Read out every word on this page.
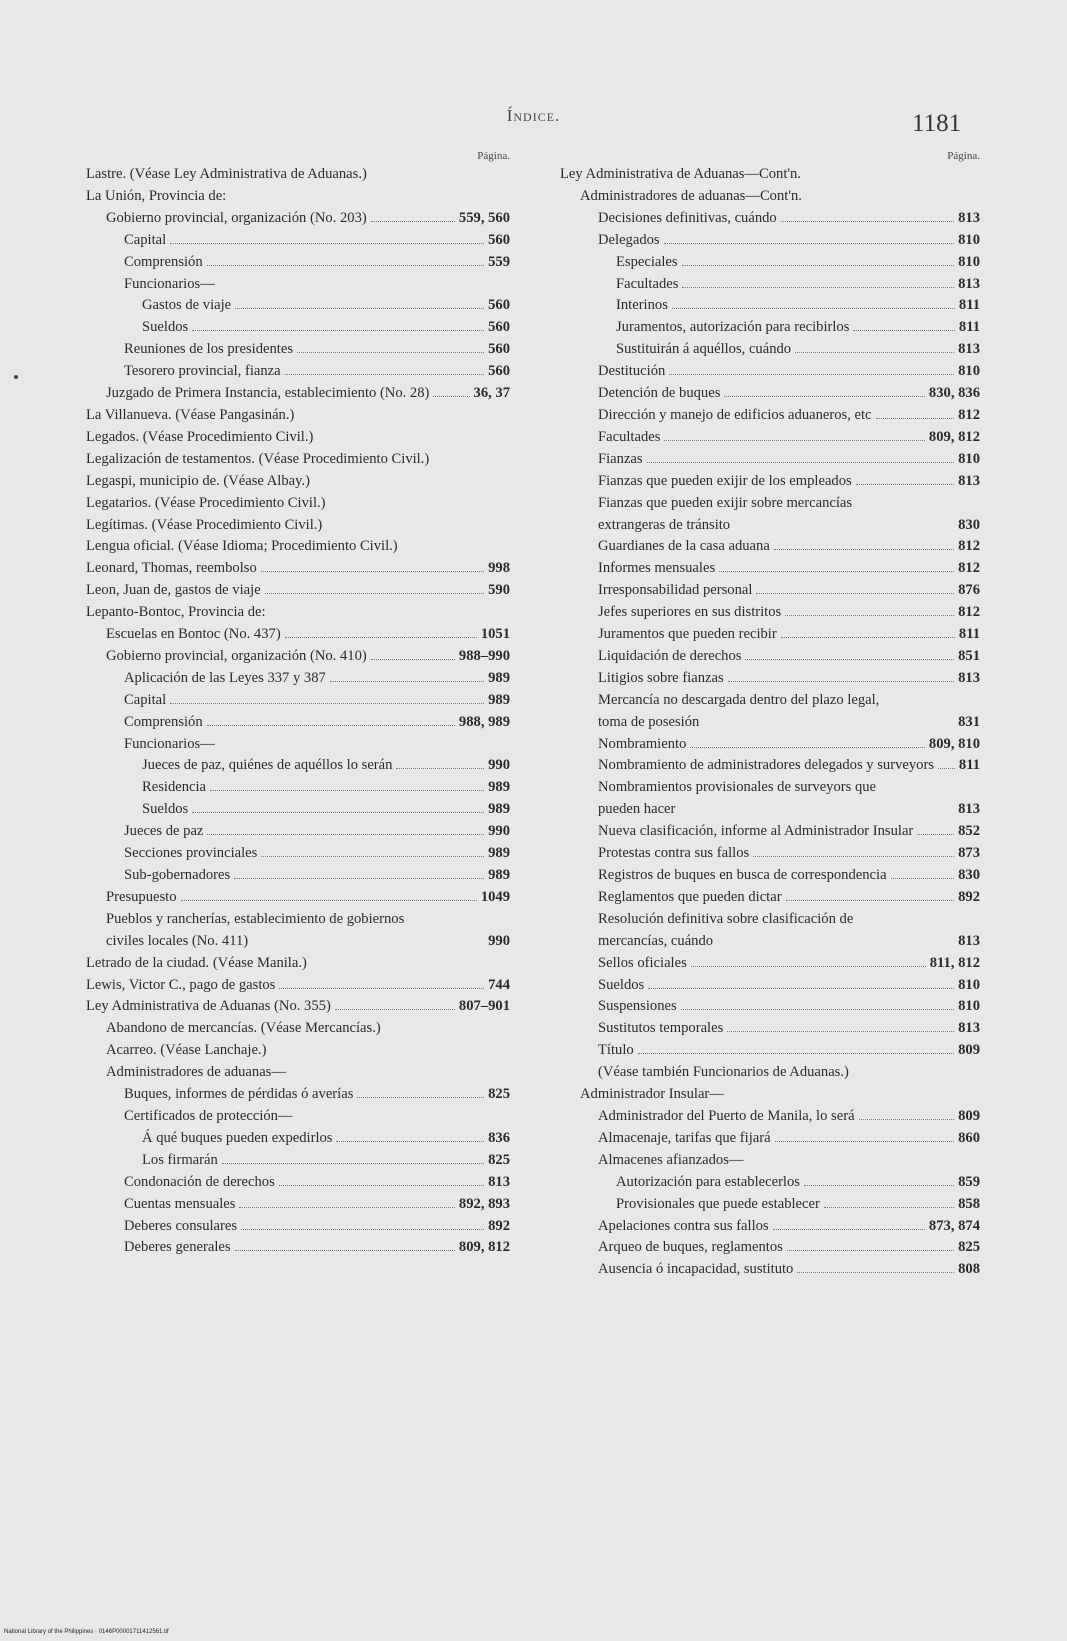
Índice.	1181
Página.
Lastre. (Véase Ley Administrativa de Aduanas.)
La Unión, Provincia de:
Gobierno provincial, organización (No. 203)	559, 560
Capital	560
Comprensión	559
Funcionarios—
Gastos de viaje	560
Sueldos	560
Reuniones de los presidentes	560
Tesorero provincial, fianza	560
Juzgado de Primera Instancia, establecimiento (No. 28)	36, 37
La Villanueva. (Véase Pangasinán.)
Legados. (Véase Procedimiento Civil.)
Legalización de testamentos. (Véase Procedimiento Civil.)
Legaspi, municipio de. (Véase Albay.)
Legatarios. (Véase Procedimiento Civil.)
Legítimas. (Véase Procedimiento Civil.)
Lengua oficial. (Véase Idioma; Procedimiento Civil.)
Leonard, Thomas, reembolso	998
Leon, Juan de, gastos de viaje	590
Lepanto-Bontoc, Provincia de:
Escuelas en Bontoc (No. 437)	1051
Gobierno provincial, organización (No. 410)	988–990
Aplicación de las Leyes 337 y 387	989
Capital	989
Comprensión	988, 989
Funcionarios—
Jueces de paz, quiénes de aquéllos lo serán	990
Residencia	989
Sueldos	989
Jueces de paz	990
Secciones provinciales	989
Sub-gobernadores	989
Presupuesto	1049
Pueblos y rancherías, establecimiento de gobiernos civiles locales (No. 411)	990
Letrado de la ciudad. (Véase Manila.)
Lewis, Victor C., pago de gastos	744
Ley Administrativa de Aduanas (No. 355)	807–901
Abandono de mercancías. (Véase Mercancías.)
Acarreo. (Véase Lanchaje.)
Administradores de aduanas—
Buques, informes de pérdidas ó averías	825
Certificados de protección—
Á qué buques pueden expedirlos	836
Los firmarán	825
Condonación de derechos	813
Cuentas mensuales	892, 893
Deberes consulares	892
Deberes generales	809, 812
Página.
Ley Administrativa de Aduanas—Cont'n.
Administradores de aduanas—Cont'n.
Decisiones definitivas, cuándo	813
Delegados	810
Especiales	810
Facultades	813
Interinos	811
Juramentos, autorización para recibirlos	811
Sustituirán á aquéllos, cuándo	813
Destitución	810
Detención de buques	830, 836
Dirección y manejo de edificios aduaneros, etc	812
Facultades	809, 812
Fianzas	810
Fianzas que pueden exijir de los empleados	813
Fianzas que pueden exijir sobre mercancías extrangeras de tránsito	830
Guardianes de la casa aduana	812
Informes mensuales	812
Irresponsabilidad personal	876
Jefes superiores en sus distritos	812
Juramentos que pueden recibir	811
Liquidación de derechos	851
Litigios sobre fianzas	813
Mercancía no descargada dentro del plazo legal, toma de posesión	831
Nombramiento	809, 810
Nombramiento de administradores delegados y surveyors 811
Nombramientos provisionales de surveyors que pueden hacer	813
Nueva clasificación, informe al Administrador Insular	852
Protestas contra sus fallos	873
Registros de buques en busca de correspondencia	830
Reglamentos que pueden dictar	892
Resolución definitiva sobre clasificación de mercancías, cuándo	813
Sellos oficiales	811, 812
Sueldos	810
Suspensiones	810
Sustitutos temporales	813
Título	809
(Véase también Funcionarios de Aduanas.)
Administrador Insular—
Administrador del Puerto de Manila, lo será	809
Almacenaje, tarifas que fijará	860
Almacenes afianzados—
Autorización para establecerlos	859
Provisionales que puede establecer	858
Apelaciones contra sus fallos	873, 874
Arqueo de buques, reglamentos	825
Ausencia ó incapacidad, sustituto	808
National Library of the Philippines · 0146P00001711412561.tif
